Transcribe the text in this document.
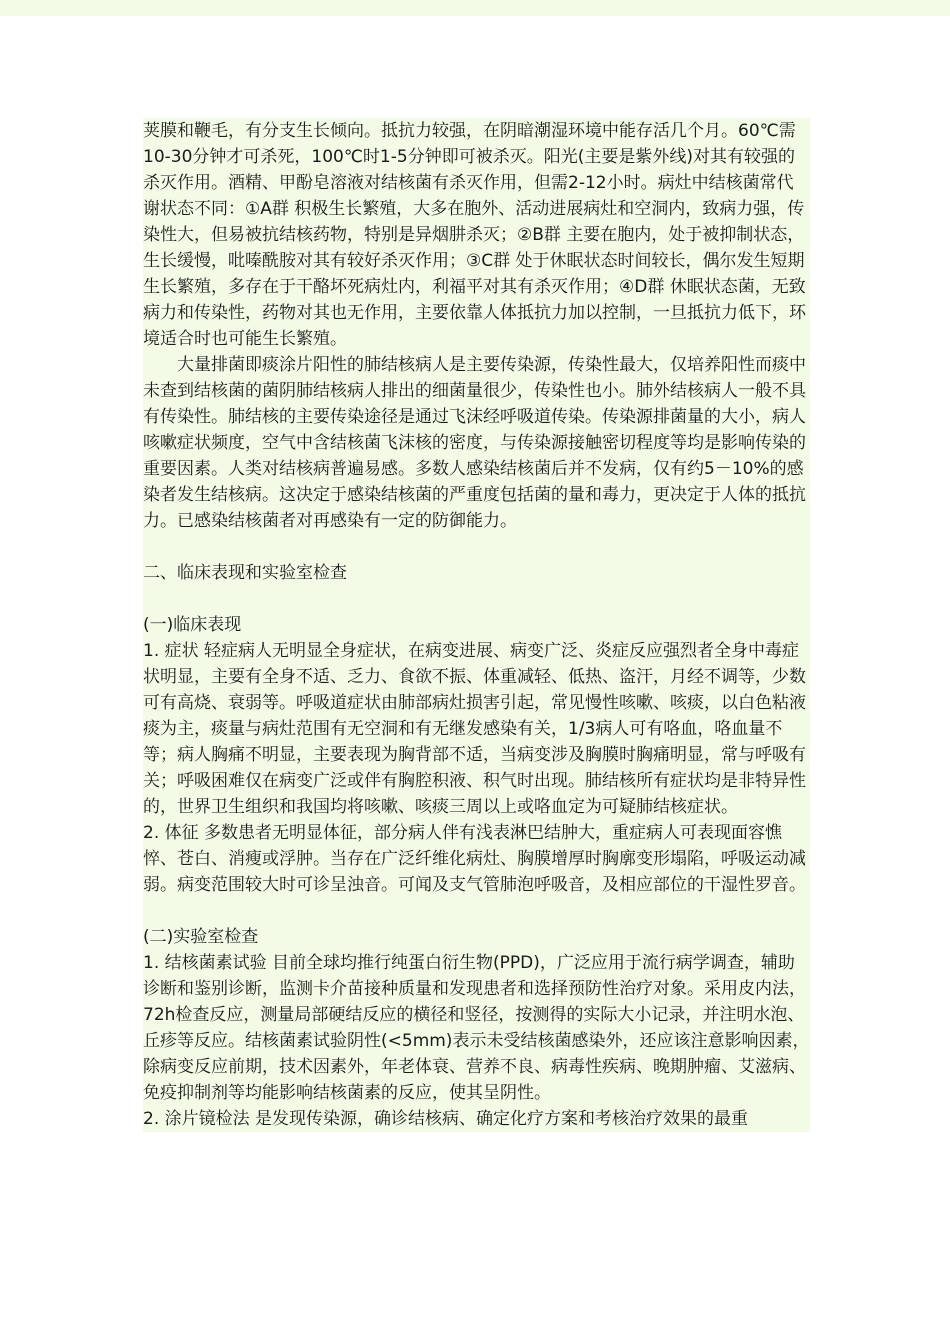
荚膜和鞭毛，有分支生长倾向。抵抗力较强，在阴暗潮湿环境中能存活几个月。60℃需10-30分钟才可杀死，100℃时1-5分钟即可被杀灭。阳光(主要是紫外线)对其有较强的杀灭作用。酒精、甲酚皂溶液对结核菌有杀灭作用，但需2-12小时。病灶中结核菌常代谢状态不同：①A群 积极生长繁殖，大多在胞外、活动进展病灶和空洞内，致病力强，传染性大，但易被抗结核药物，特别是异烟肼杀灭；②B群 主要在胞内，处于被抑制状态，生长缓慢，吡嗪酰胺对其有较好杀灭作用；③C群 处于休眠状态时间较长，偶尔发生短期生长繁殖，多存在于干酪坏死病灶内，利福平对其有杀灭作用；④D群 休眠状态菌，无致病力和传染性，药物对其也无作用，主要依靠人体抵抗力加以控制，一旦抵抗力低下，环境适合时也可能生长繁殖。

大量排菌即痰涂片阳性的肺结核病人是主要传染源，传染性最大，仅培养阳性而痰中未查到结核菌的菌阴肺结核病人排出的细菌量很少，传染性也小。肺外结核病人一般不具有传染性。肺结核的主要传染途径是通过飞沫经呼吸道传染。传染源排菌量的大小，病人咳嗽症状频度，空气中含结核菌飞沫核的密度，与传染源接触密切程度等均是影响传染的重要因素。人类对结核病普遍易感。多数人感染结核菌后并不发病，仅有约5－10%的感染者发生结核病。这决定于感染结核菌的严重度包括菌的量和毒力，更决定于人体的抵抗力。已感染结核菌者对再感染有一定的防御能力。

二、临床表现和实验室检查

(一)临床表现

1. 症状 轻症病人无明显全身症状，在病变进展、病变广泛、炎症反应强烈者全身中毒症状明显，主要有全身不适、乏力、食欲不振、体重减轻、低热、盗汗，月经不调等，少数可有高烧、衰弱等。呼吸道症状由肺部病灶损害引起，常见慢性咳嗽、咳痰，以白色粘液痰为主，痰量与病灶范围有无空洞和有无继发感染有关，1/3病人可有咯血，咯血量不等；病人胸痛不明显，主要表现为胸背部不适，当病变涉及胸膜时胸痛明显，常与呼吸有关；呼吸困难仅在病变广泛或伴有胸腔积液、积气时出现。肺结核所有症状均是非特异性的，世界卫生组织和我国均将咳嗽、咳痰三周以上或咯血定为可疑肺结核症状。

2. 体征 多数患者无明显体征，部分病人伴有浅表淋巴结肿大，重症病人可表现面容憔悴、苍白、消瘦或浮肿。当存在广泛纤维化病灶、胸膜增厚时胸廓变形塌陷，呼吸运动减弱。病变范围较大时可诊呈浊音。可闻及支气管肺泡呼吸音，及相应部位的干湿性罗音。

(二)实验室检查

1. 结核菌素试验 目前全球均推行纯蛋白衍生物(PPD)，广泛应用于流行病学调查，辅助诊断和鉴别诊断，监测卡介苗接种质量和发现患者和选择预防性治疗对象。采用皮内法，72h检查反应，测量局部硬结反应的横径和竖径，按测得的实际大小记录，并注明水泡、丘疹等反应。结核菌素试验阴性(<5mm)表示未受结核菌感染外，还应该注意影响因素，除病变反应前期，技术因素外，年老体衰、营养不良、病毒性疾病、晚期肿瘤、艾滋病、免疫抑制剂等均能影响结核菌素的反应，使其呈阴性。

2. 涂片镜检法 是发现传染源，确诊结核病、确定化疗方案和考核治疗效果的最重
